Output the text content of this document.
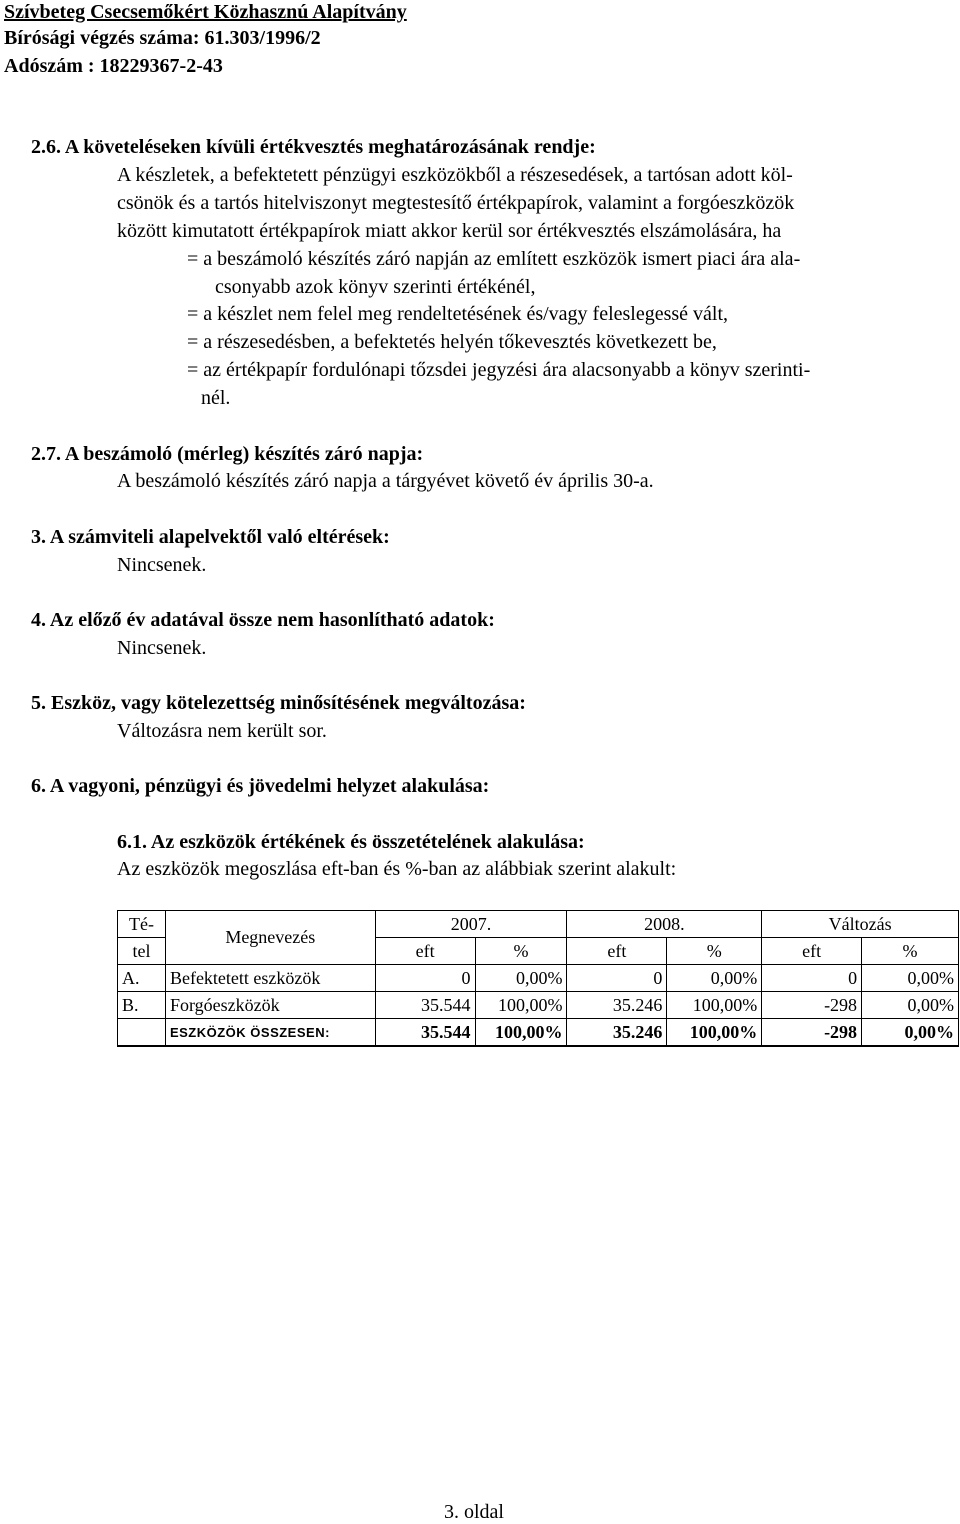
Szívbeteg Csecsemőkért Közhasznú Alapítvány
Bírósági végzés száma: 61.303/1996/2
Adószám : 18229367-2-43
2.6. A követeléseken kívüli értékvesztés meghatározásának rendje:
A készletek, a befektetett pénzügyi eszközökből a részesedések, a tartósan adott köl-
csönök és a tartós hitelviszonyt megtestesítő értékpapírok, valamint a forgóeszközök
között kimutatott értékpapírok miatt akkor kerül sor értékvesztés elszámolására, ha
= a beszámoló készítés záró napján az említett eszközök ismert piaci ára ala-
csonyabb azok könyv szerinti értékénél,
= a készlet nem felel meg rendeltetésének és/vagy feleslegessé vált,
= a részesedésben, a befektetés helyén tőkevesztés következett be,
= az értékpapír fordulónapi tőzsdei jegyzési ára alacsonyabb a könyv szerinti-
nél.
2.7. A beszámoló (mérleg) készítés záró napja:
A beszámoló készítés záró napja a tárgyévet követő év április 30-a.
3. A számviteli alapelvektől való eltérések:
Nincsenek.
4. Az előző év adatával össze nem hasonlítható adatok:
Nincsenek.
5. Eszköz, vagy kötelezettség minősítésének megváltozása:
Változásra nem került sor.
6. A vagyoni, pénzügyi és jövedelmi helyzet alakulása:
6.1. Az eszközök értékének és összetételének alakulása:
Az eszközök megoszlása eft-ban és %-ban az alábbiak szerint alakult:
Té-	Megnevezés	2007.		2008.		Változás	
tel		eft	%	eft	%	eft	%
A.	Befektetett eszközök	0	0,00%	0	0,00%	0	0,00%
B.	Forgóeszközök	35.544	100,00%	35.246	100,00%	-298	0,00%
	ESZKÖZÖK ÖSSZESEN:	35.544	100,00%	35.246	100,00%	-298	0,00%
3. oldal
